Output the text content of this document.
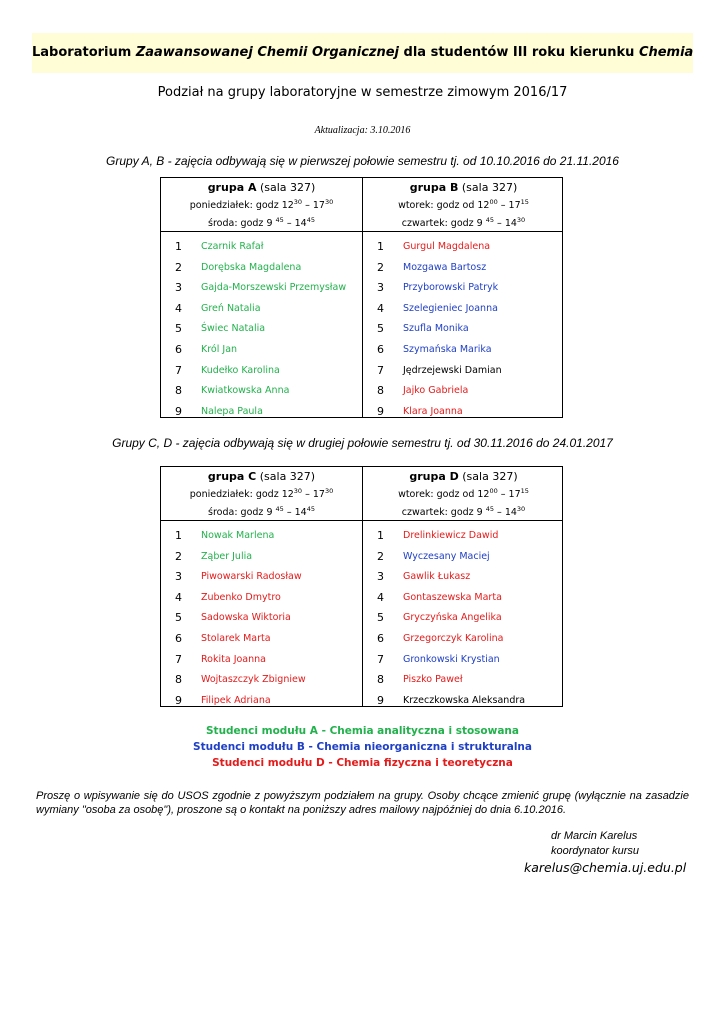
Laboratorium Zaawansowanej Chemii Organicznej dla studentów III roku kierunku Chemia
Podział na grupy laboratoryjne w semestrze zimowym 2016/17
Aktualizacja: 3.10.2016
Grupy A, B - zajęcia odbywają się w pierwszej połowie semestru tj. od 10.10.2016 do 21.11.2016
grupa A (sala 327)
poniedziałek: godz $12^{30} - 17^{30}$
środa: godz 9 $^{45} - 14^{45}$
1 Czarnik Rafał
2 Dorębska Magdalena
3 Gajda-Morszewski Przemysław
4 Greń Natalia
5 Świec Natalia
6 Król Jan
7 Kudełko Karolina
8 Kwiatkowska Anna
9 Nalepa Paula
grupa B (sala 327)
wtorek: godz od $12^{00} - 17^{15}$
czwartek: godz 9 $^{45} - 14^{30}$
1 Gurgul Magdalena
2 Mozgawa Bartosz
3 Przyborowski Patryk
4 Szelegieniec Joanna
5 Szufla Monika
6 Szymańska Marika
7 Jędrzejewski Damian
8 Jajko Gabriela
9 Klara Joanna
Grupy C, D - zajęcia odbywają się w drugiej połowie semestru tj. od 30.11.2016 do 24.01.2017
grupa C (sala 327)
poniedziałek: godz $12^{30} - 17^{30}$
środa: godz 9 $^{45} - 14^{45}$
1 Nowak Marlena
2 Ząber Julia
3 Piwowarski Radosław
4 Zubenko Dmytro
5 Sadowska Wiktoria
6 Stolarek Marta
7 Rokita Joanna
8 Wojtaszczyk Zbigniew
9 Filipek Adriana
grupa D (sala 327)
wtorek: godz od $12^{00} - 17^{15}$
czwartek: godz 9 $^{45} - 14^{30}$
1 Drelinkiewicz Dawid
2 Wyczesany Maciej
3 Gawlik Łukasz
4 Gontaszewska Marta
5 Gryczyńska Angelika
6 Grzegorczyk Karolina
7 Gronkowski Krystian
8 Piszko Paweł
9 Krzeczkowska Aleksandra
Studenci modułu A - Chemia analityczna i stosowana
Studenci modułu B - Chemia nieorganiczna i strukturalna
Studenci modułu D - Chemia fizyczna i teoretyczna
Proszę o wpisywanie się do USOS zgodnie z powyższym podziałem na grupy. Osoby chcące zmienić grupę (wyłącznie na zasadzie wymiany "osoba za osobę"), proszone są o kontakt na poniższy adres mailowy najpóźniej do dnia 6.10.2016.
dr Marcin Karelus
koordynator kursu
karelus@chemia.uj.edu.pl
